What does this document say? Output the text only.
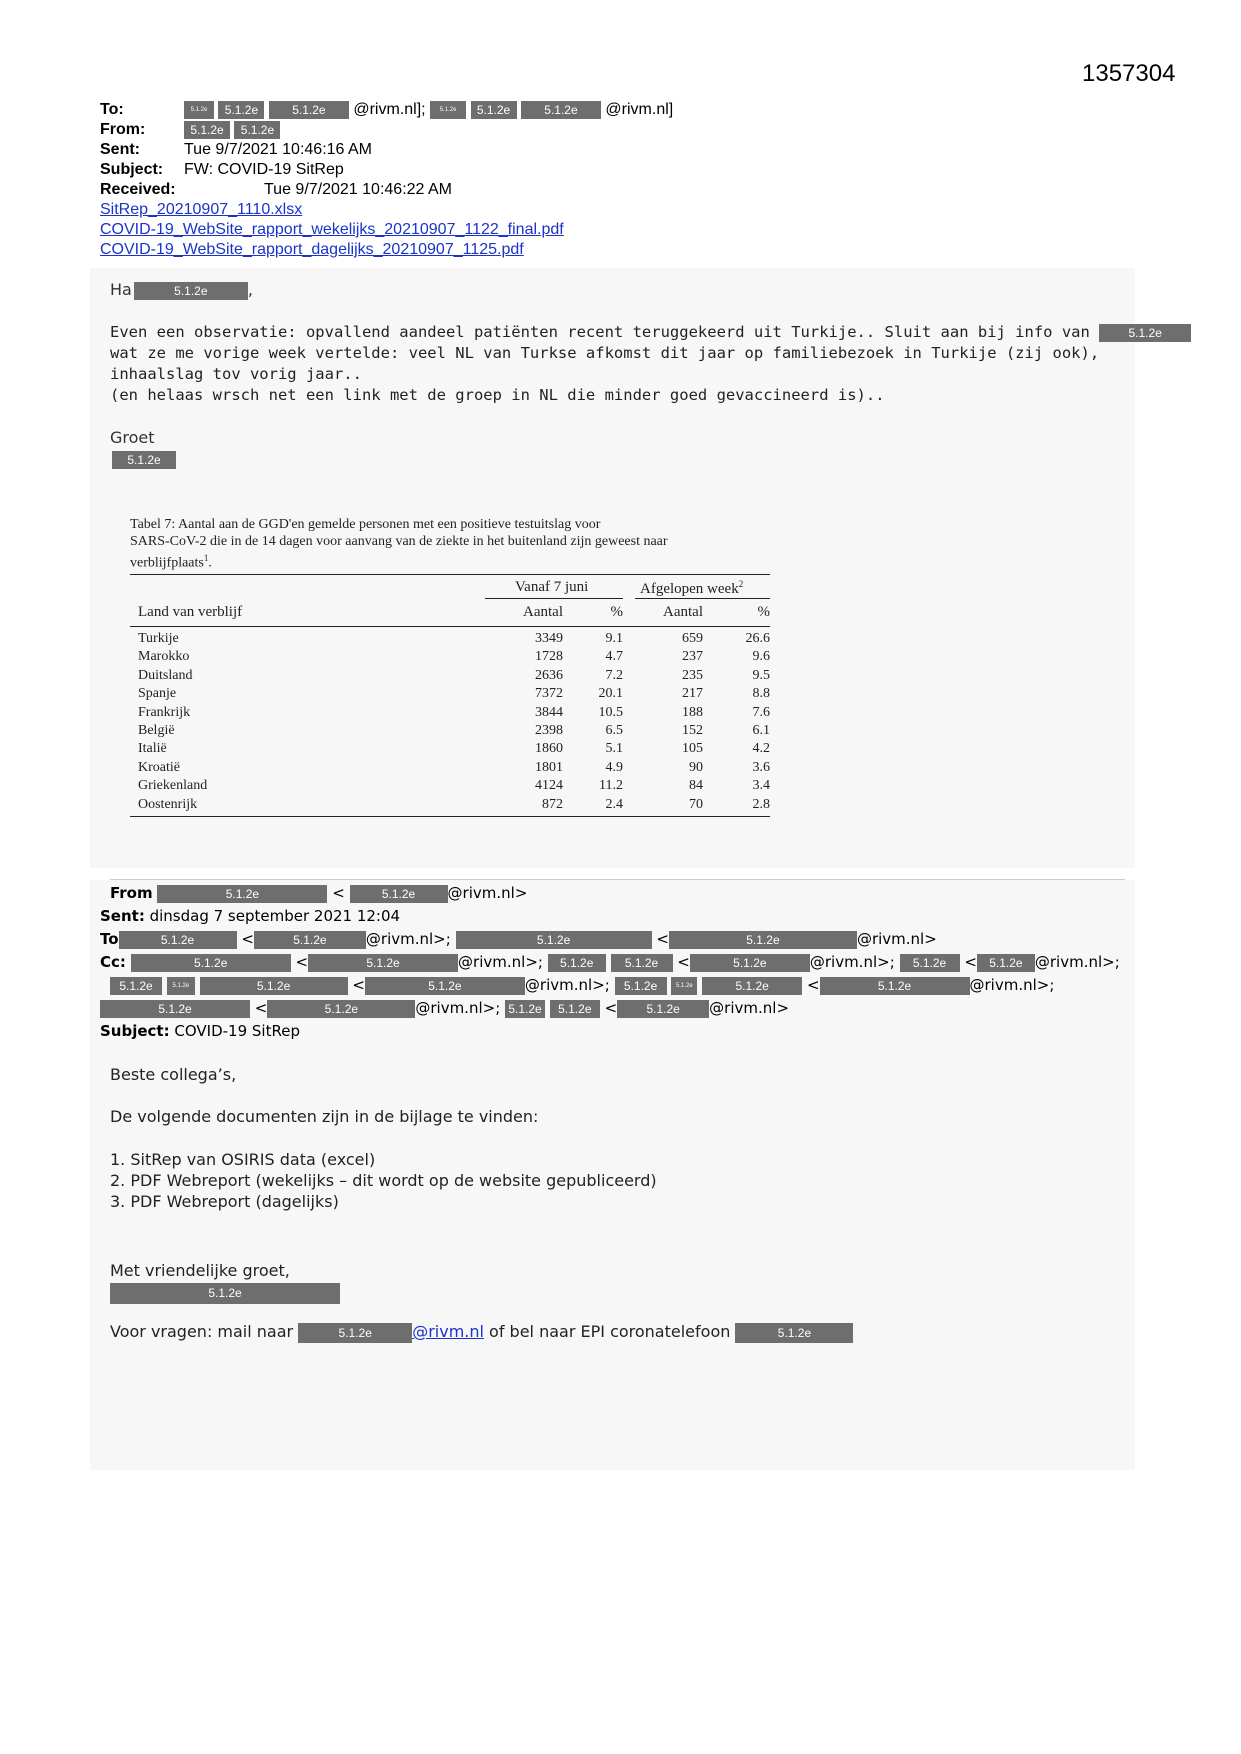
1357304
To:	5.1.2e 5.1.2e	5.1.2e @rivm.nl]; 5.1.2e 5.1.2e	5.1.2e @rivm.nl]
From:	5.1.2e 5.1.2e
Sent:	Tue 9/7/2021 10:46:16 AM
Subject: FW: COVID-19 SitRep
Received:	Tue 9/7/2021 10:46:22 AM
SitRep_20210907_1110.xlsx
COVID-19_WebSite_rapport_wekelijks_20210907_1122_final.pdf
COVID-19_WebSite_rapport_dagelijks_20210907_1125.pdf
Ha	5.1.2e	,
Even een observatie: opvallend aandeel patiënten recent teruggekeerd uit Turkije.. Sluit aan bij info van	5.1.2e
wat ze me vorige week vertelde: veel NL van Turkse afkomst dit jaar op familiebezoek in Turkije (zij ook),
inhaalslag tov vorig jaar..
(en helaas wrsch net een link met de groep in NL die minder goed gevaccineerd is)..
Groet
5.1.2e
Tabel 7: Aantal aan de GGD'en gemelde personen met een positieve testuitslag voor
SARS-CoV-2 die in de 14 dagen voor aanvang van de ziekte in het buitenland zijn geweest naar
verblijfplaats$^1$.
Vanaf 7 juni	Afgelopen week$^2$
Land van verblijf	Aantal	%	Aantal	%
Turkije	3349	9.1	659	26.6
Marokko	1728	4.7	237	9.6
Duitsland	2636	7.2	235	9.5
Spanje	7372	20.1	217	8.8
Frankrijk	3844	10.5	188	7.6
België	2398	6.5	152	6.1
Italië	1860	5.1	105	4.2
Kroatië	1801	4.9	90	3.6
Griekenland	4124	11.2	84	3.4
Oostenrijk	872	2.4	70	2.8
From	5.1.2e	<	5.1.2e @rivm.nl>
Sent: dinsdag 7 september 2021 12:04
To	5.1.2e	<	5.1.2e	@rivm.nl>;	5.1.2e	<	5.1.2e	@rivm.nl>
Cc:	5.1.2e	<	5.1.2e	@rivm.nl>; 5.1.2e	5.1.2e <	5.1.2e	@rivm.nl>; 5.1.2e < 5.1.2e @rivm.nl>;
5.1.2e	5.1.2e	5.1.2e	<	5.1.2e	@rivm.nl>; 5.1.2e	5.1.2e	5.1.2e	<	5.1.2e	@rivm.nl>;
5.1.2e	<	5.1.2e	@rivm.nl>; 5.1.2e 5.1.2e < 5.1.2e @rivm.nl>
Subject: COVID-19 SitRep
Beste collega’s,
De volgende documenten zijn in de bijlage te vinden:
1. SitRep van OSIRIS data (excel)
2. PDF Webreport (wekelijks – dit wordt op de website gepubliceerd)
3. PDF Webreport (dagelijks)
Met vriendelijke groet,
5.1.2e
Voor vragen: mail naar	5.1.2e	@rivm.nl of bel naar EPI coronatelefoon	5.1.2e
